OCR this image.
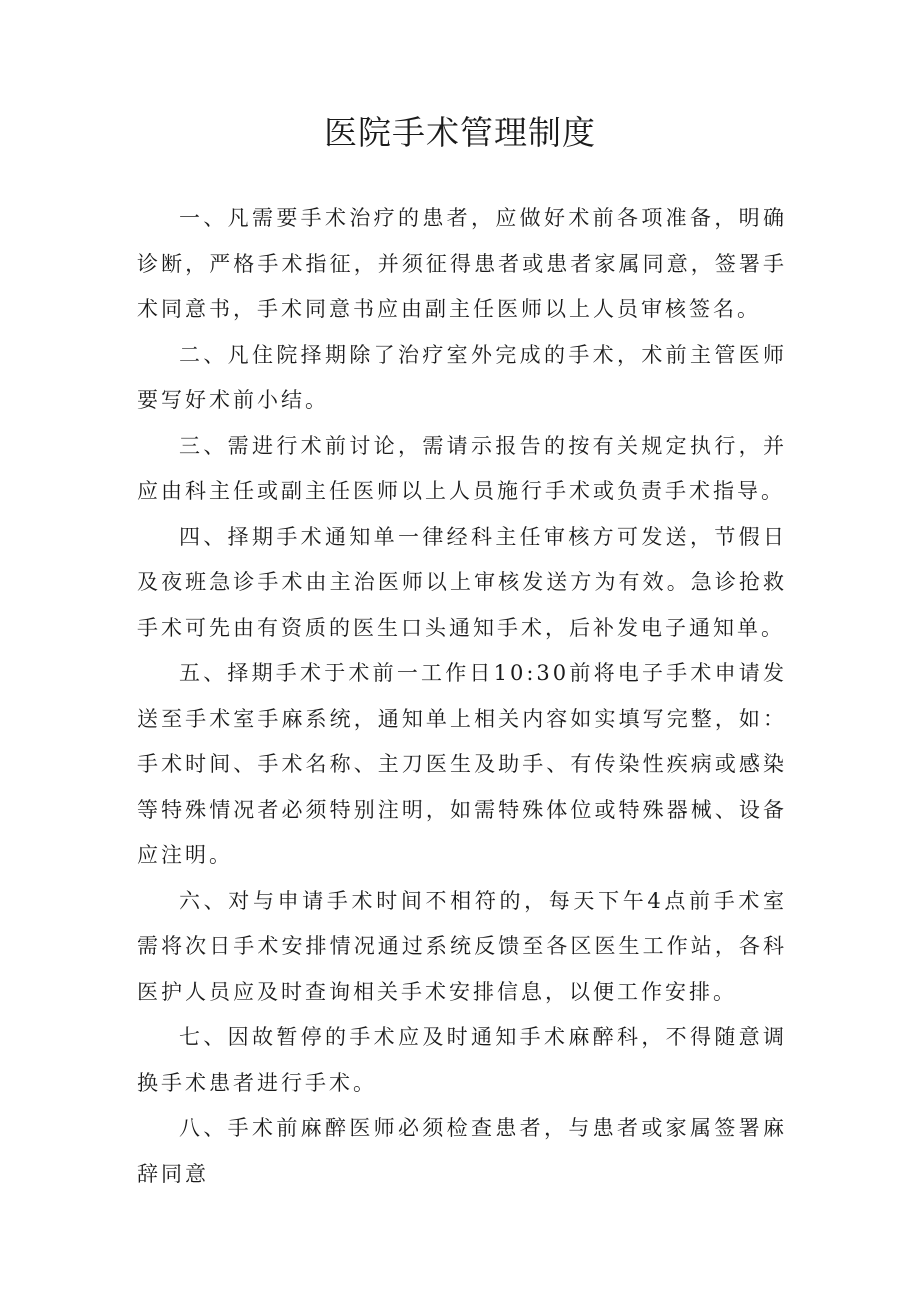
医院手术管理制度

一、凡需要手术治疗的患者，应做好术前各项准备，明确诊断，严格手术指征，并须征得患者或患者家属同意，签署手术同意书，手术同意书应由副主任医师以上人员审核签名。

二、凡住院择期除了治疗室外完成的手术，术前主管医师要写好术前小结。

三、需进行术前讨论，需请示报告的按有关规定执行，并应由科主任或副主任医师以上人员施行手术或负责手术指导。

四、择期手术通知单一律经科主任审核方可发送，节假日及夜班急诊手术由主治医师以上审核发送方为有效。急诊抢救手术可先由有资质的医生口头通知手术，后补发电子通知单。

五、择期手术于术前一工作日10:30前将电子手术申请发送至手术室手麻系统，通知单上相关内容如实填写完整，如：手术时间、手术名称、主刀医生及助手、有传染性疾病或感染等特殊情况者必须特别注明，如需特殊体位或特殊器械、设备应注明。

六、对与申请手术时间不相符的，每天下午4点前手术室需将次日手术安排情况通过系统反馈至各区医生工作站，各科医护人员应及时查询相关手术安排信息，以便工作安排。

七、因故暂停的手术应及时通知手术麻醉科，不得随意调换手术患者进行手术。

八、手术前麻醉医师必须检查患者，与患者或家属签署麻辞同意
